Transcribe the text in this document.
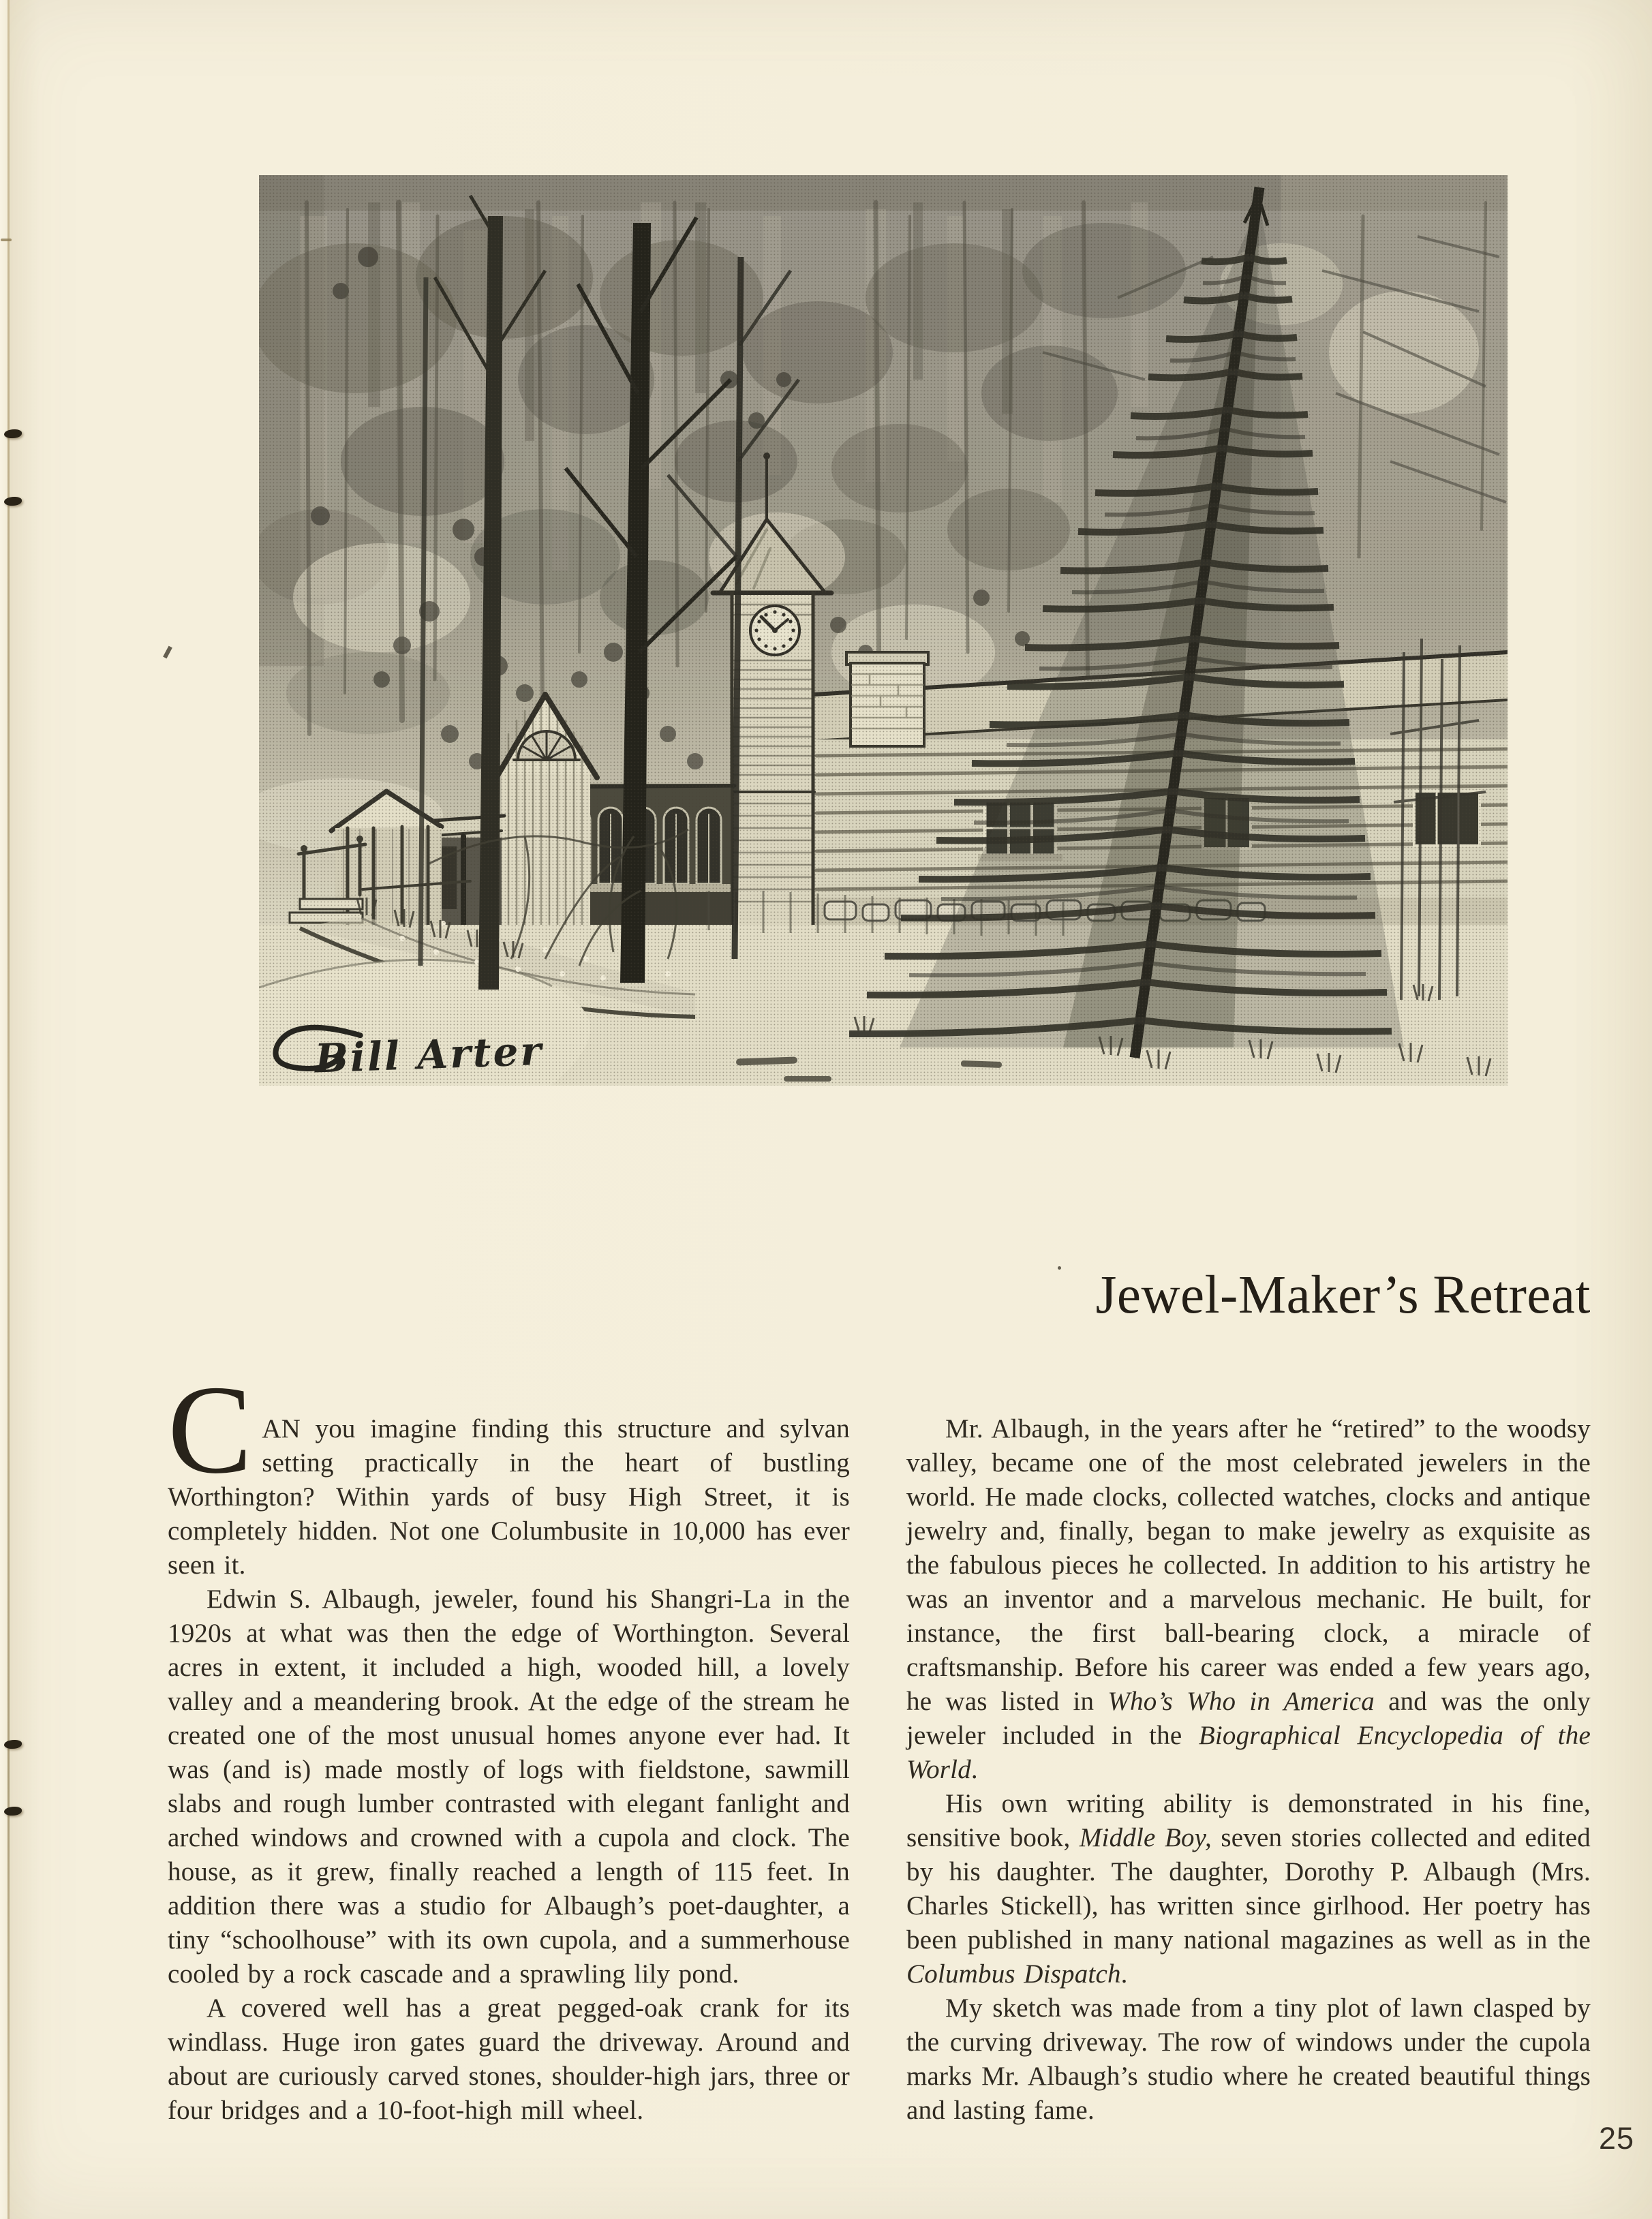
Bill Arter
Jewel-Maker’s Retreat

CAN you imagine finding this structure and sylvan setting practically in the heart of bustling Worthington? Within yards of busy High Street, it is completely hidden. Not one Columbusite in 10,000 has ever seen it.

Edwin S. Albaugh, jeweler, found his Shangri-La in the 1920s at what was then the edge of Worthington. Several acres in extent, it included a high, wooded hill, a lovely valley and a meandering brook. At the edge of the stream he created one of the most unusual homes anyone ever had. It was (and is) made mostly of logs with fieldstone, sawmill slabs and rough lumber contrasted with elegant fanlight and arched windows and crowned with a cupola and clock. The house, as it grew, finally reached a length of 115 feet. In addition there was a studio for Albaugh’s poet-daughter, a tiny “schoolhouse” with its own cupola, and a summerhouse cooled by a rock cascade and a sprawling lily pond.

A covered well has a great pegged-oak crank for its windlass. Huge iron gates guard the driveway. Around and about are curiously carved stones, shoulder-high jars, three or four bridges and a 10-foot-high mill wheel.

Mr. Albaugh, in the years after he “retired” to the woodsy valley, became one of the most celebrated jewelers in the world. He made clocks, collected watches, clocks and antique jewelry and, finally, began to make jewelry as exquisite as the fabulous pieces he collected. In addition to his artistry he was an inventor and a marvelous mechanic. He built, for instance, the first ball-bearing clock, a miracle of craftsmanship. Before his career was ended a few years ago, he was listed in Who’s Who in America and was the only jeweler included in the Biographical Encyclopedia of the World.

His own writing ability is demonstrated in his fine, sensitive book, Middle Boy, seven stories collected and edited by his daughter. The daughter, Dorothy P. Albaugh (Mrs. Charles Stickell), has written since girlhood. Her poetry has been published in many national magazines as well as in the Columbus Dispatch.

My sketch was made from a tiny plot of lawn clasped by the curving driveway. The row of windows under the cupola marks Mr. Albaugh’s studio where he created beautiful things and lasting fame.

25
